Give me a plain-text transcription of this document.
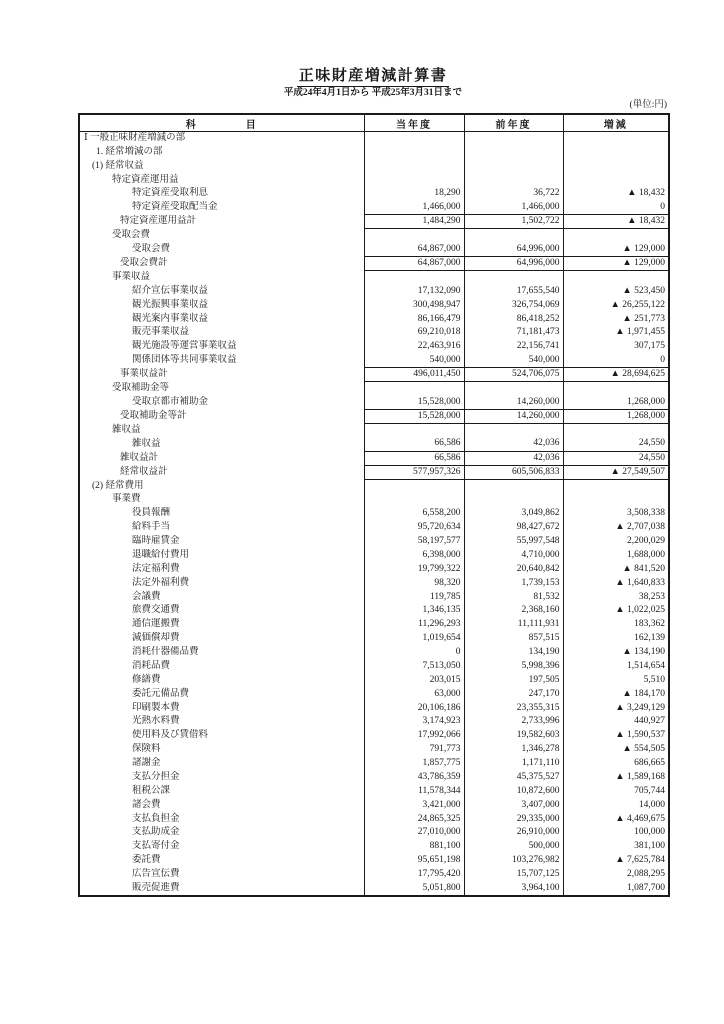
正味財産増減計算書
平成24年4月1日から 平成25年3月31日まで
(単位:円)
科　　　　目	当年度	前年度	増減
Ⅰ 一般正味財産増減の部			
1. 経常増減の部			
(1) 経常収益			
特定資産運用益			
特定資産受取利息	18,290	36,722	▲ 18,432
特定資産受取配当金	1,466,000	1,466,000	0
特定資産運用益計	1,484,290	1,502,722	▲ 18,432
受取会費			
受取会費	64,867,000	64,996,000	▲ 129,000
受取会費計	64,867,000	64,996,000	▲ 129,000
事業収益			
紹介宣伝事業収益	17,132,090	17,655,540	▲ 523,450
観光振興事業収益	300,498,947	326,754,069	▲ 26,255,122
観光案内事業収益	86,166,479	86,418,252	▲ 251,773
販売事業収益	69,210,018	71,181,473	▲ 1,971,455
観光施設等運営事業収益	22,463,916	22,156,741	307,175
関係団体等共同事業収益	540,000	540,000	0
事業収益計	496,011,450	524,706,075	▲ 28,694,625
受取補助金等			
受取京都市補助金	15,528,000	14,260,000	1,268,000
受取補助金等計	15,528,000	14,260,000	1,268,000
雑収益			
雑収益	66,586	42,036	24,550
雑収益計	66,586	42,036	24,550
経常収益計	577,957,326	605,506,833	▲ 27,549,507
(2) 経常費用			
事業費			
役員報酬	6,558,200	3,049,862	3,508,338
給料手当	95,720,634	98,427,672	▲ 2,707,038
臨時雇賃金	58,197,577	55,997,548	2,200,029
退職給付費用	6,398,000	4,710,000	1,688,000
法定福利費	19,799,322	20,640,842	▲ 841,520
法定外福利費	98,320	1,739,153	▲ 1,640,833
会議費	119,785	81,532	38,253
旅費交通費	1,346,135	2,368,160	▲ 1,022,025
通信運搬費	11,296,293	11,111,931	183,362
減価償却費	1,019,654	857,515	162,139
消耗什器備品費	0	134,190	▲ 134,190
消耗品費	7,513,050	5,998,396	1,514,654
修繕費	203,015	197,505	5,510
委託元備品費	63,000	247,170	▲ 184,170
印刷製本費	20,106,186	23,355,315	▲ 3,249,129
光熱水料費	3,174,923	2,733,996	440,927
使用料及び賃借料	17,992,066	19,582,603	▲ 1,590,537
保険料	791,773	1,346,278	▲ 554,505
諸謝金	1,857,775	1,171,110	686,665
支払分担金	43,786,359	45,375,527	▲ 1,589,168
租税公課	11,578,344	10,872,600	705,744
諸会費	3,421,000	3,407,000	14,000
支払負担金	24,865,325	29,335,000	▲ 4,469,675
支払助成金	27,010,000	26,910,000	100,000
支払寄付金	881,100	500,000	381,100
委託費	95,651,198	103,276,982	▲ 7,625,784
広告宣伝費	17,795,420	15,707,125	2,088,295
販売促進費	5,051,800	3,964,100	1,087,700
